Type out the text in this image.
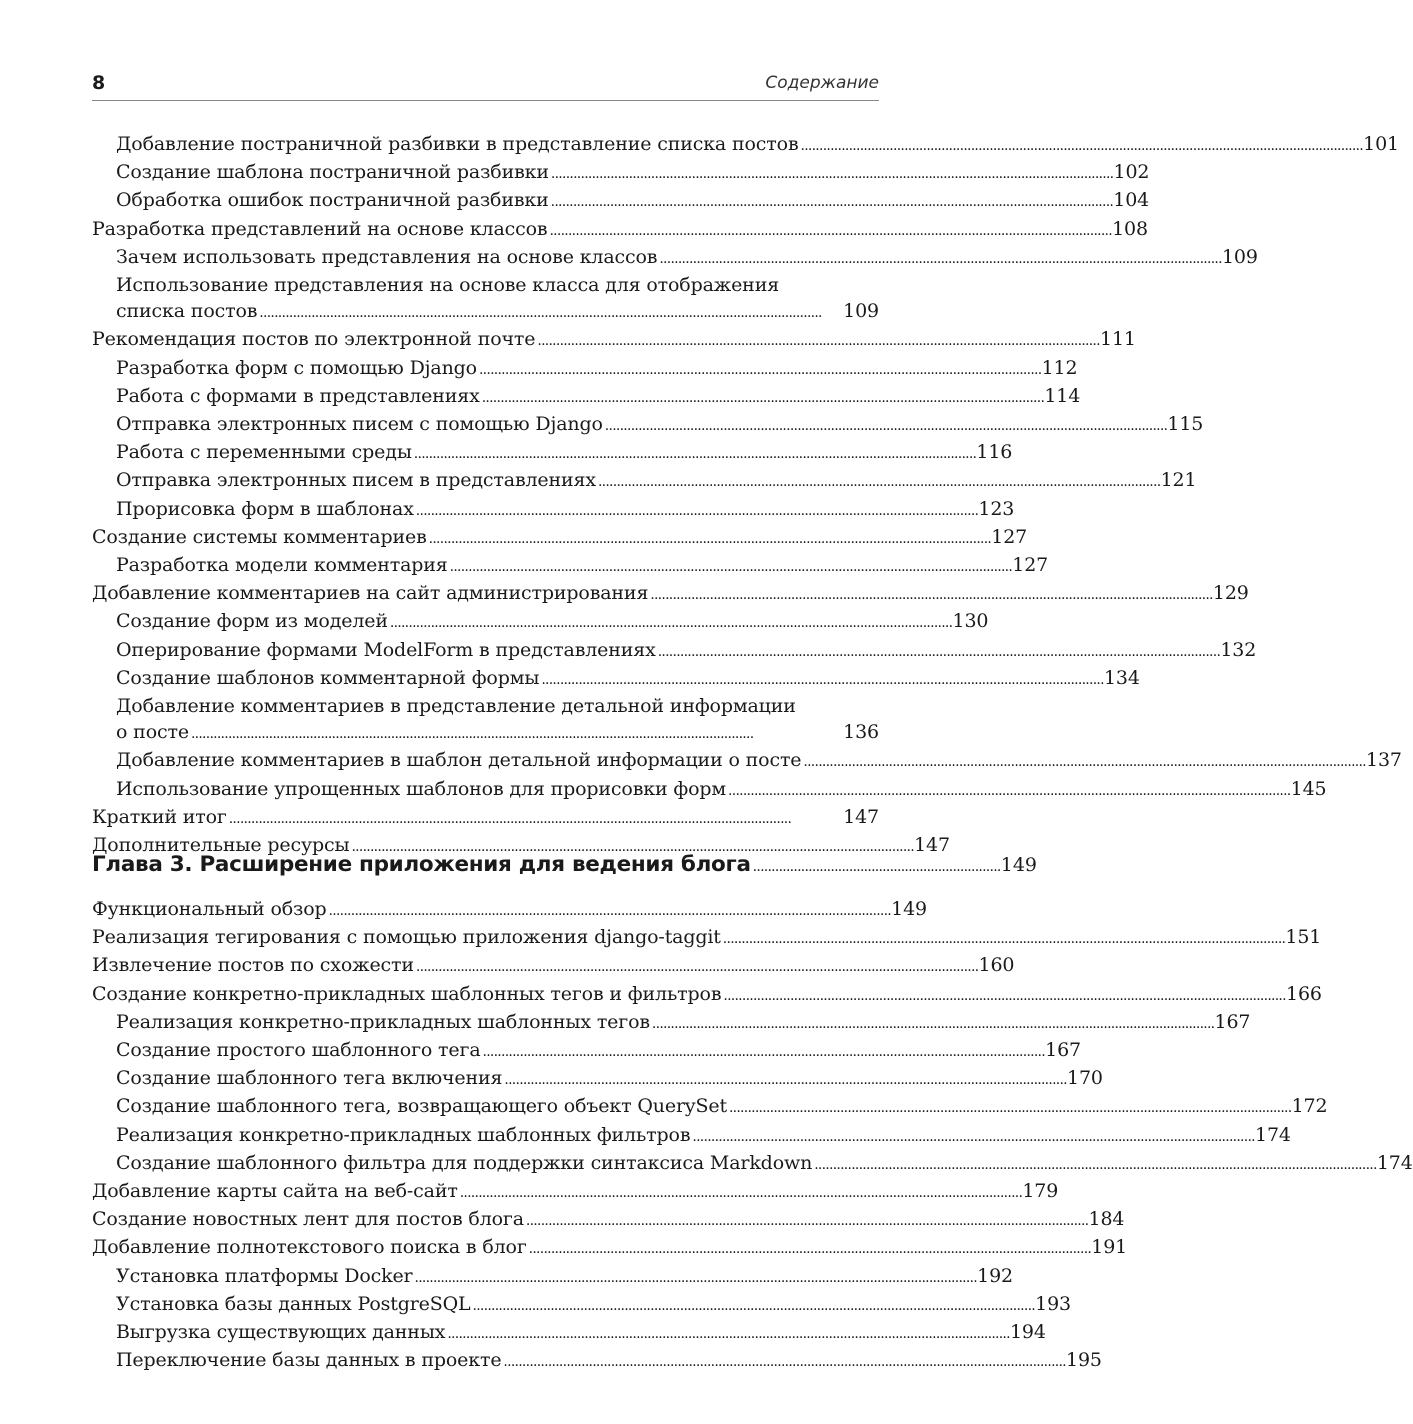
8	Содержание
Добавление постраничной разбивки в представление списка постов . . .	101
Создание шаблона постраничной разбивки . . .	102
Обработка ошибок постраничной разбивки . . .	104
Разработка представлений на основе классов . . .	108
Зачем использовать представления на основе классов . . .	109
Использование представления на основе класса для отображения
списка постов . . .	109
Рекомендация постов по электронной почте . . .	111
Разработка форм с помощью Django . . .	112
Работа с формами в представлениях . . .	114
Отправка электронных писем с помощью Django . . .	115
Работа с переменными среды . . .	116
Отправка электронных писем в представлениях . . .	121
Прорисовка форм в шаблонах . . .	123
Создание системы комментариев . . .	127
Разработка модели комментария . . .	127
Добавление комментариев на сайт администрирования . . .	129
Создание форм из моделей . . .	130
Оперирование формами ModelForm в представлениях . . .	132
Создание шаблонов комментарной формы . . .	134
Добавление комментариев в представление детальной информации
о посте . . .	136
Добавление комментариев в шаблон детальной информации о посте . . .	137
Использование упрощенных шаблонов для прорисовки форм . . .	145
Краткий итог . . .	147
Дополнительные ресурсы . . .	147
Глава 3. Расширение приложения для ведения блога . . .	149
Функциональный обзор . . .	149
Реализация тегирования с помощью приложения django-taggit . . .	151
Извлечение постов по схожести . . .	160
Создание конкретно-прикладных шаблонных тегов и фильтров . . .	166
Реализация конкретно-прикладных шаблонных тегов . . .	167
Создание простого шаблонного тега . . .	167
Создание шаблонного тега включения . . .	170
Создание шаблонного тега, возвращающего объект QuerySet . . .	172
Реализация конкретно-прикладных шаблонных фильтров . . .	174
Создание шаблонного фильтра для поддержки синтаксиса Markdown . . .	174
Добавление карты сайта на веб-сайт . . .	179
Создание новостных лент для постов блога . . .	184
Добавление полнотекстового поиска в блог . . .	191
Установка платформы Docker . . .	192
Установка базы данных PostgreSQL . . .	193
Выгрузка существующих данных . . .	194
Переключение базы данных в проекте . . .	195
